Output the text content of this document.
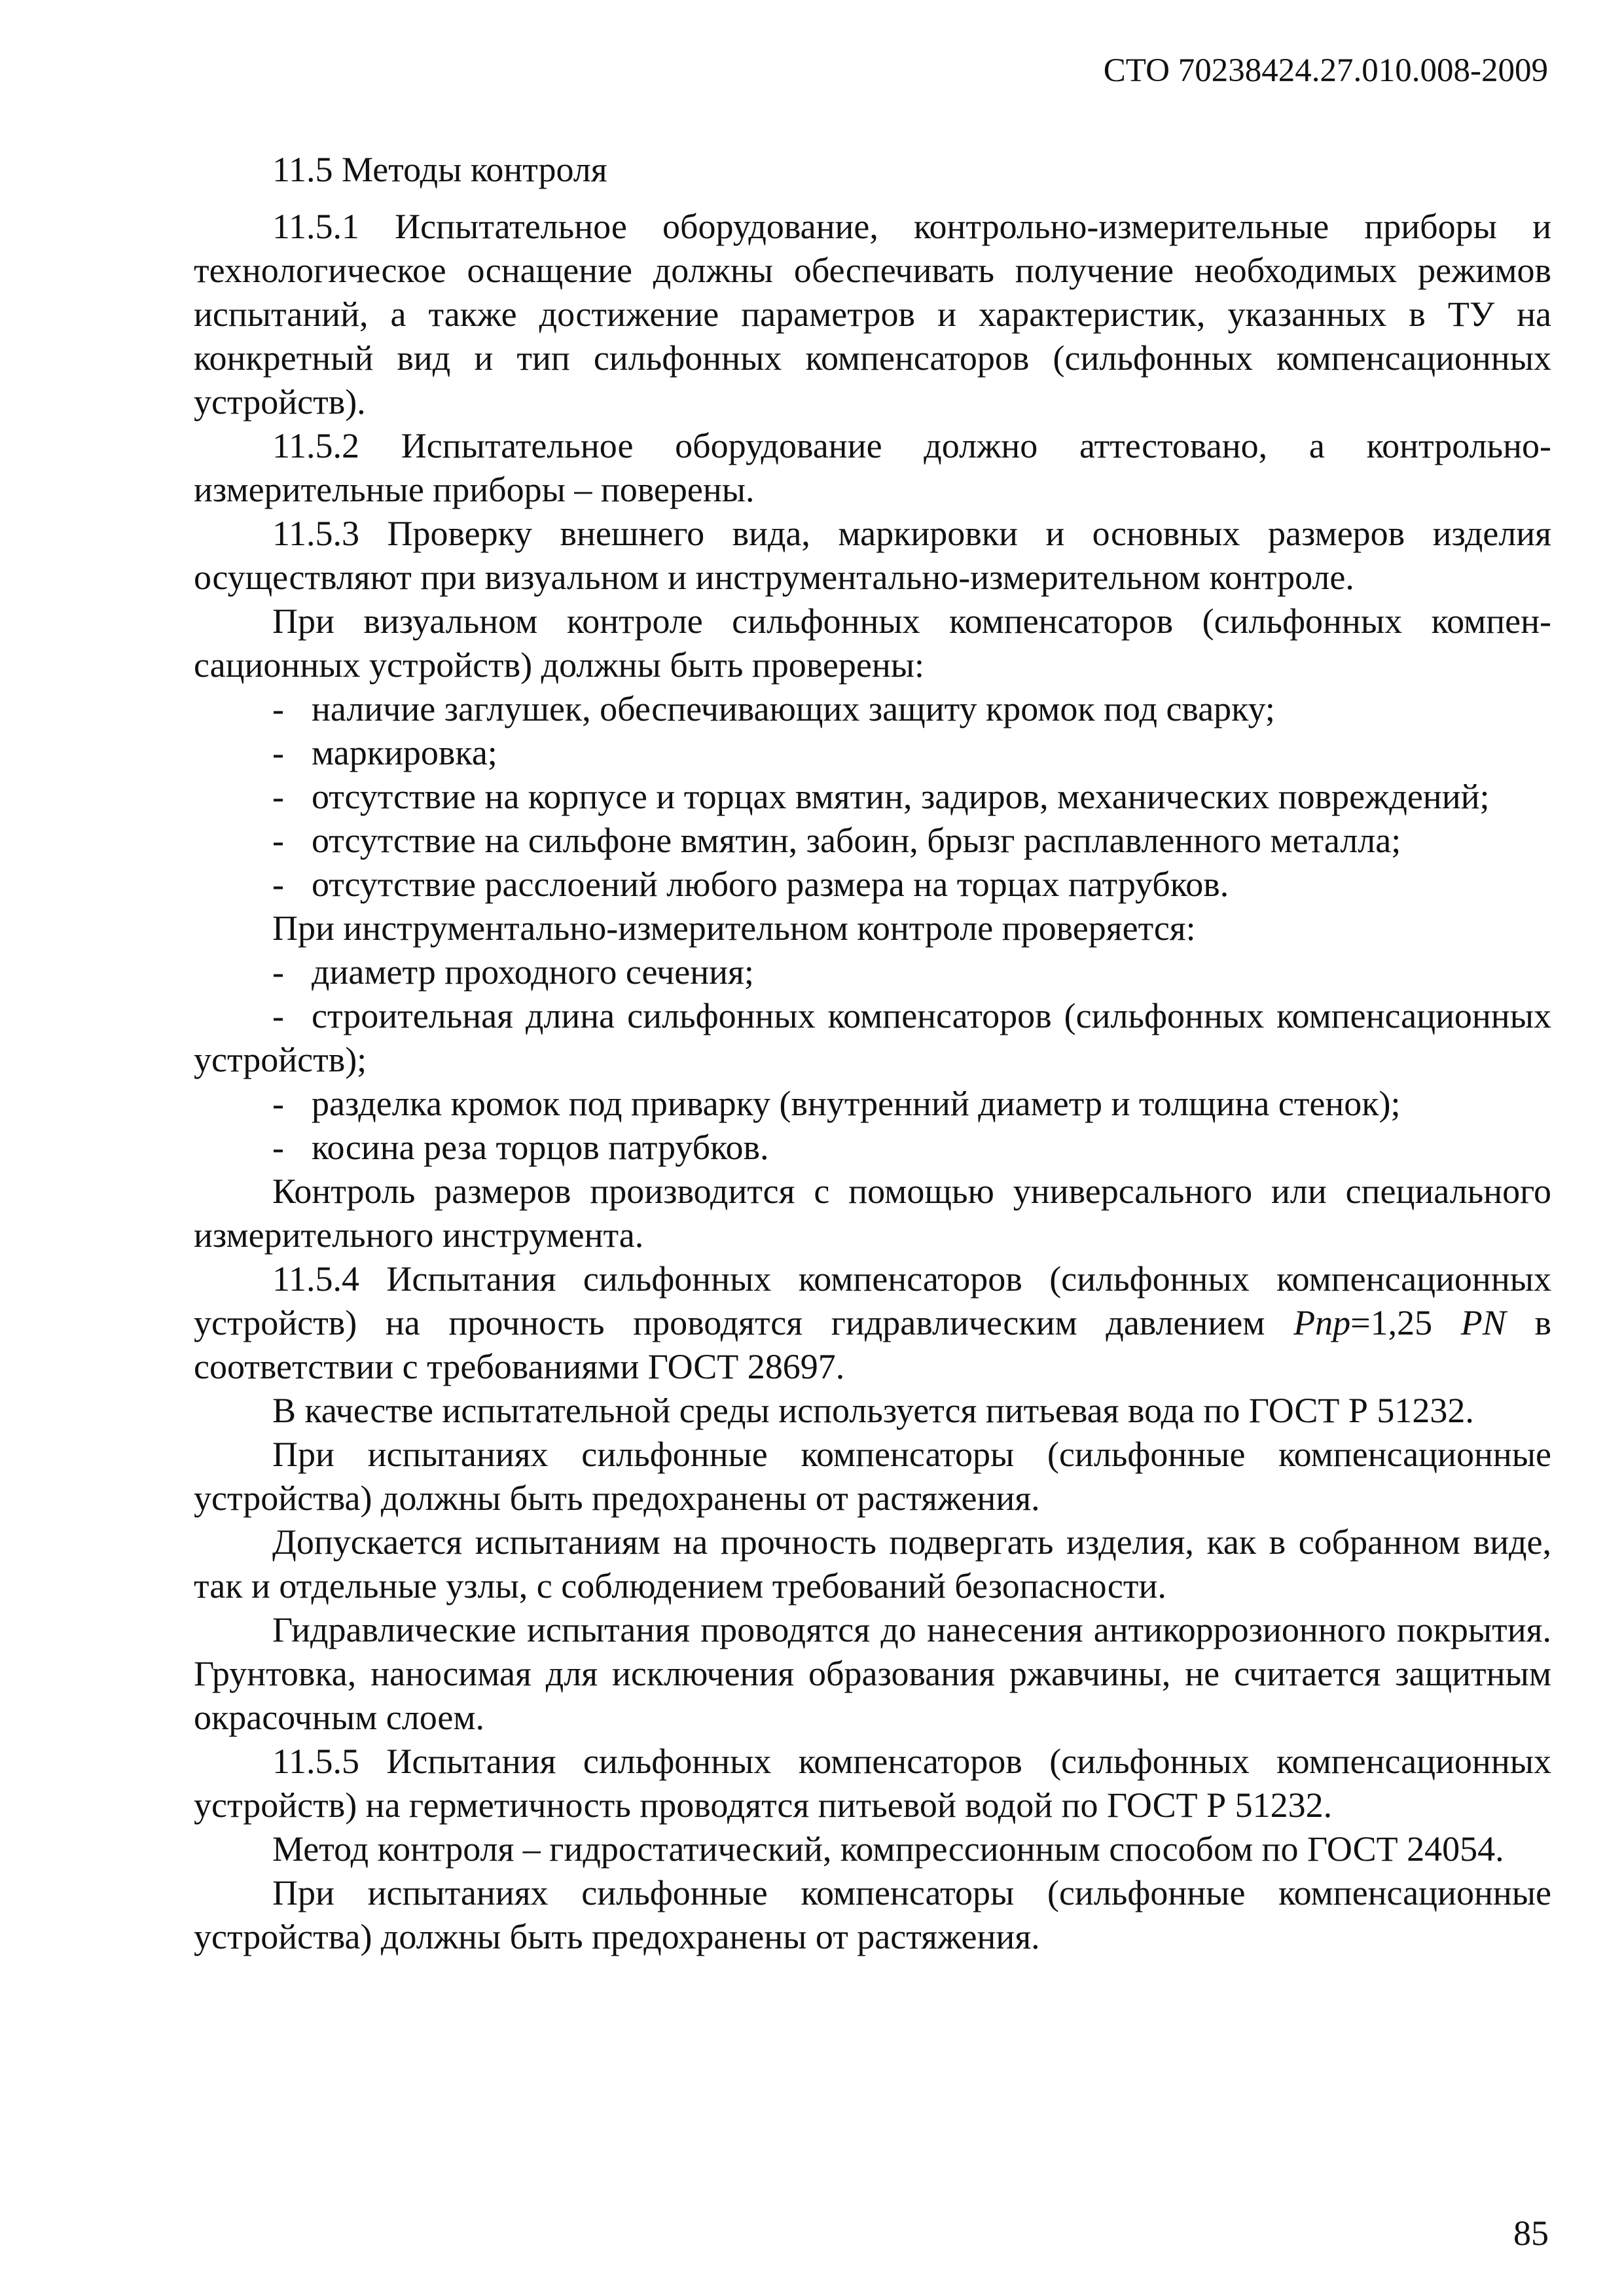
СТО 70238424.27.010.008-2009

11.5 Методы контроля

11.5.1 Испытательное оборудование, контрольно-измерительные приборы и технологическое оснащение должны обеспечивать получение необходимых режимов испытаний, а также достижение параметров и характеристик, указанных в ТУ на конкретный вид и тип сильфонных компенсаторов (сильфонных компенсационных устройств).

11.5.2 Испытательное оборудование должно аттестовано, а контрольно-измерительные приборы – поверены.

11.5.3 Проверку внешнего вида, маркировки и основных размеров изделия осуществляют при визуальном и инструментально-измерительном контроле.

При визуальном контроле сильфонных компенсаторов (сильфонных компенсационных устройств) должны быть проверены:

- наличие заглушек, обеспечивающих защиту кромок под сварку;
- маркировка;
- отсутствие на корпусе и торцах вмятин, задиров, механических повреждений;
- отсутствие на сильфоне вмятин, забоин, брызг расплавленного металла;
- отсутствие расслоений любого размера на торцах патрубков.

При инструментально-измерительном контроле проверяется:

- диаметр проходного сечения;
- строительная длина сильфонных компенсаторов (сильфонных компенсационных устройств);
- разделка кромок под приварку (внутренний диаметр и толщина стенок);
- косина реза торцов патрубков.

Контроль размеров производится с помощью универсального или специального измерительного инструмента.

11.5.4 Испытания сильфонных компенсаторов (сильфонных компенсационных устройств) на прочность проводятся гидравлическим давлением Pnp=1,25 PN в соответствии с требованиями ГОСТ 28697.

В качестве испытательной среды используется питьевая вода по ГОСТ Р 51232.

При испытаниях сильфонные компенсаторы (сильфонные компенсационные устройства) должны быть предохранены от растяжения.

Допускается испытаниям на прочность подвергать изделия, как в собранном виде, так и отдельные узлы, с соблюдением требований безопасности.

Гидравлические испытания проводятся до нанесения антикоррозионного покрытия. Грунтовка, наносимая для исключения образования ржавчины, не считается защитным окрасочным слоем.

11.5.5 Испытания сильфонных компенсаторов (сильфонных компенсационных устройств) на герметичность проводятся питьевой водой по ГОСТ Р 51232.

Метод контроля – гидростатический, компрессионным способом по ГОСТ 24054.

При испытаниях сильфонные компенсаторы (сильфонные компенсационные устройства) должны быть предохранены от растяжения.

85
